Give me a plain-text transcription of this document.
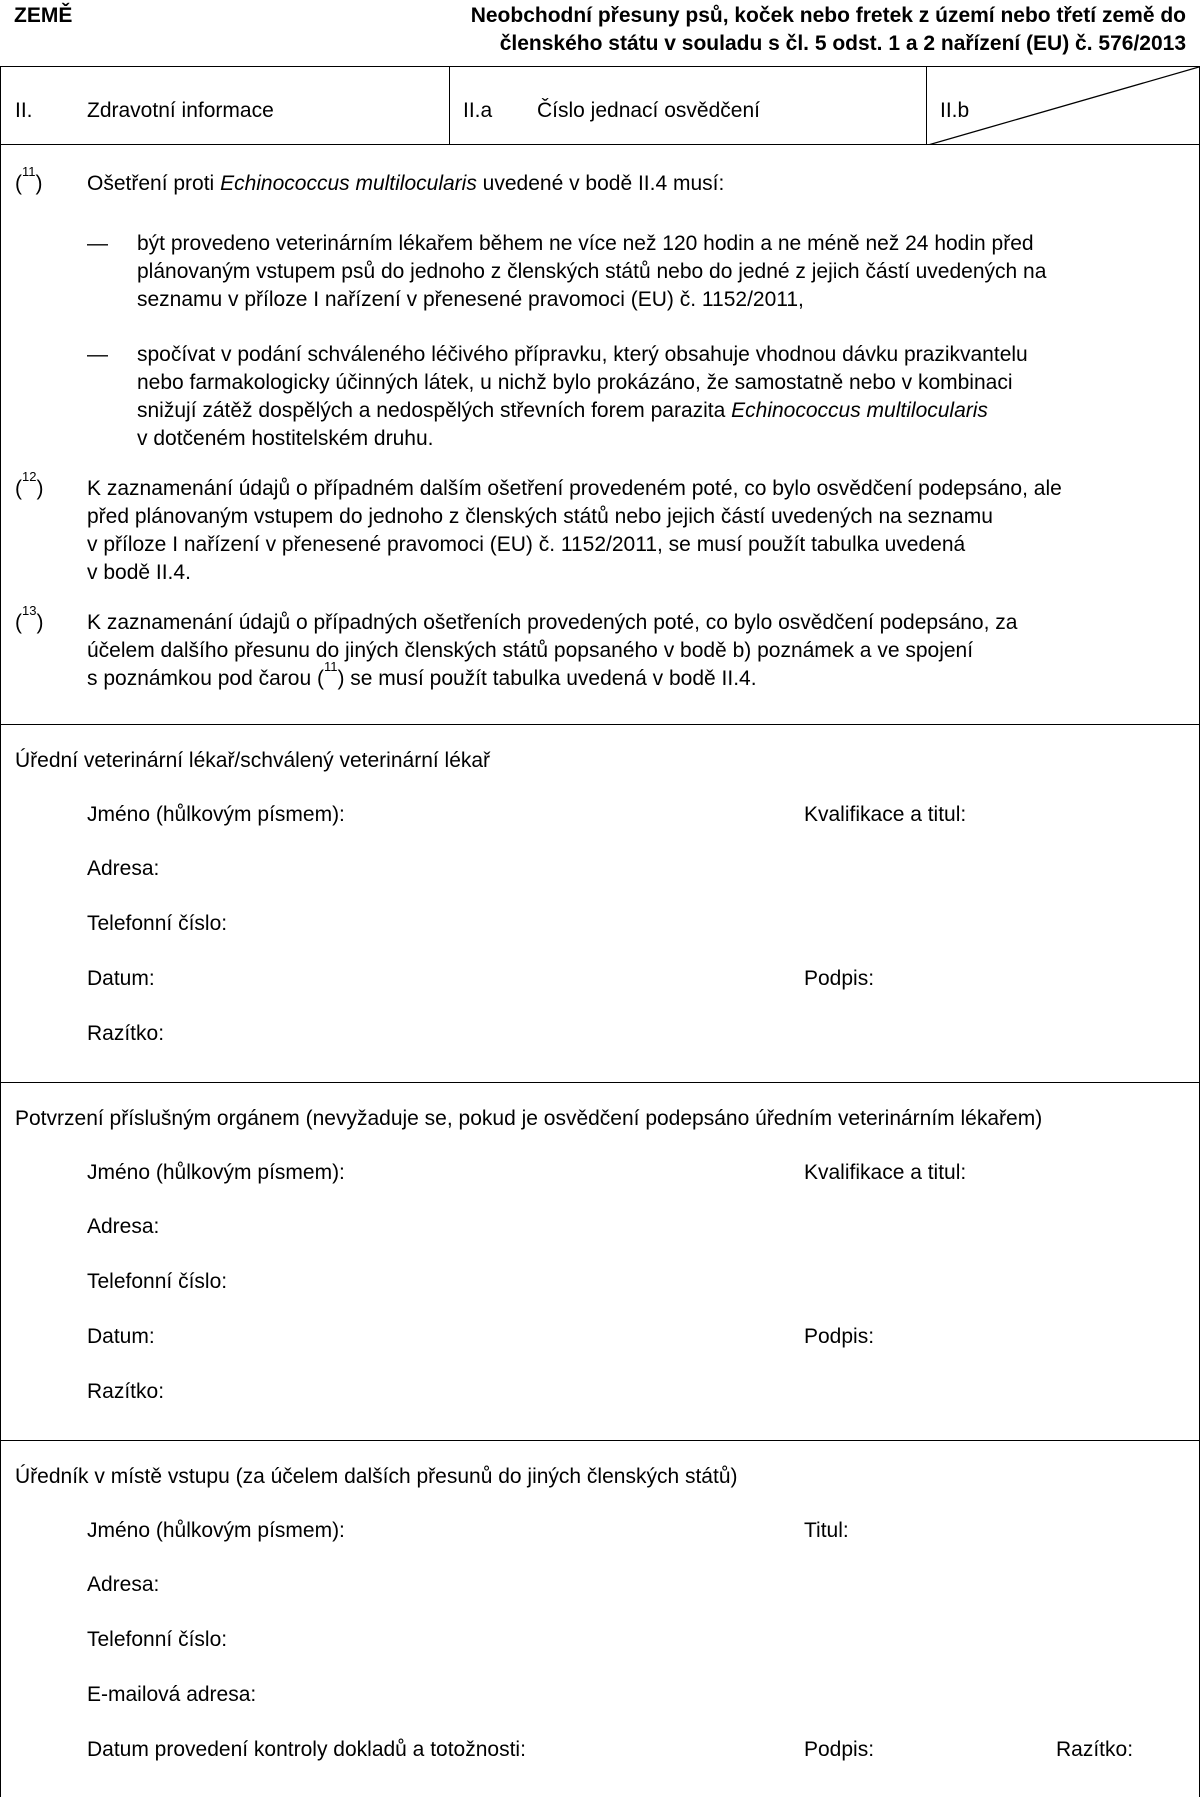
ZEMĚ	Neobchodní přesuny psů, koček nebo fretek z území nebo třetí země do
členského státu v souladu s čl. 5 odst. 1 a 2 nařízení (EU) č. 576/2013
II.	Zdravotní informace	II.a Číslo jednací osvědčení	II.b
($^{11}$) Ošetření proti Echinococcus multilocularis uvedené v bodě II.4 musí:
— být provedeno veterinárním lékařem během ne více než 120 hodin a ne méně než 24 hodin před
plánovaným vstupem psů do jednoho z členských států nebo do jedné z jejich částí uvedených na
seznamu v příloze I nařízení v přenesené pravomoci (EU) č. 1152/2011,
— spočívat v podání schváleného léčivého přípravku, který obsahuje vhodnou dávku prazikvantelu
nebo farmakologicky účinných látek, u nichž bylo prokázáno, že samostatně nebo v kombinaci
snižují zátěž dospělých a nedospělých střevních forem parazita Echinococcus multilocularis
v dotčeném hostitelském druhu.
($^{12}$) K zaznamenání údajů o případném dalším ošetření provedeném poté, co bylo osvědčení podepsáno, ale
před plánovaným vstupem do jednoho z členských států nebo jejich částí uvedených na seznamu
v příloze I nařízení v přenesené pravomoci (EU) č. 1152/2011, se musí použít tabulka uvedená
v bodě II.4.
($^{13}$) K zaznamenání údajů o případných ošetřeních provedených poté, co bylo osvědčení podepsáno, za
účelem dalšího přesunu do jiných členských států popsaného v bodě b) poznámek a ve spojení
s poznámkou pod čarou ($^{11}$) se musí použít tabulka uvedená v bodě II.4.
Úřední veterinární lékař/schválený veterinární lékař
Jméno (hůlkovým písmem):	Kvalifikace a titul:
Adresa:
Telefonní číslo:
Datum:	Podpis:
Razítko:
Potvrzení příslušným orgánem (nevyžaduje se, pokud je osvědčení podepsáno úředním veterinárním lékařem)
Jméno (hůlkovým písmem):	Kvalifikace a titul:
Adresa:
Telefonní číslo:
Datum:	Podpis:
Razítko:
Úředník v místě vstupu (za účelem dalších přesunů do jiných členských států)
Jméno (hůlkovým písmem):	Titul:
Adresa:
Telefonní číslo:
E-mailová adresa:
Datum provedení kontroly dokladů a totožnosti:	Podpis:	Razítko:
